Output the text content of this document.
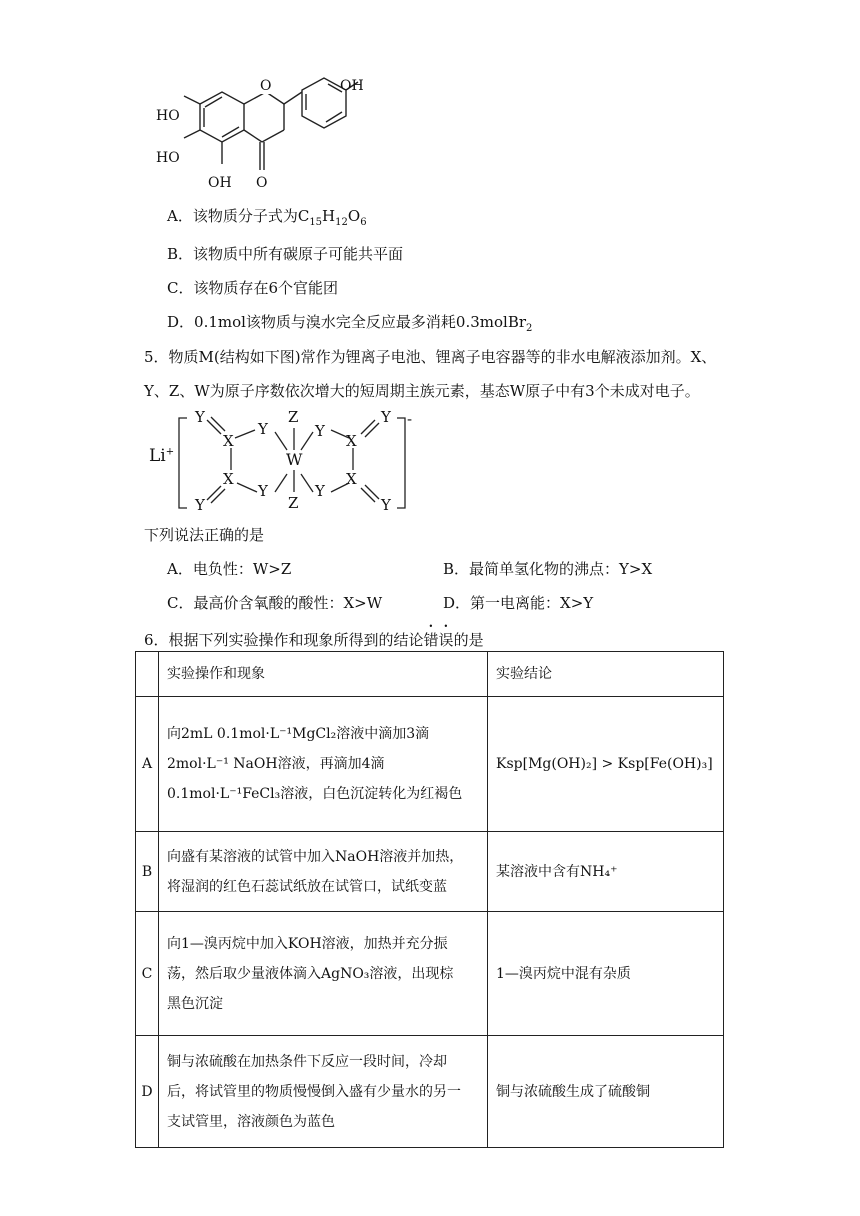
OH
HO
HO
OH
O
O
A．该物质分子式为$C_{15}H_{12}O_6$
B．该物质中所有碳原子可能共平面
C．该物质存在6个官能团
D．0.1mol该物质与溴水完全反应最多消耗0.3molBr$_2$
5．物质M(结构如下图)常作为锂离子电池、锂离子电容器等的非水电解液添加剂。X、
Y、Z、W为原子序数依次增大的短周期主族元素，基态W原子中有3个未成对电子。
Li+
Y
X
Y
Z
Y
X
Y -
W
X
Y
Z
Y
X
Y	Y
下列说法正确的是
A．电负性：W>Z	B．最简单氢化物的沸点：Y>X
C．最高价含氧酸的酸性：X>W	D．第一电离能：X>Y
6．根据下列实验操作和现象所得到的结论错误的是
	实验操作和现象	实验结论
A	向2mL 0.1mol·L⁻¹MgCl₂溶液中滴加3滴
2mol·L⁻¹ NaOH溶液，再滴加4滴
0.1mol·L⁻¹FeCl₃溶液，白色沉淀转化为红褐色	Ksp[Mg(OH)₂] > Ksp[Fe(OH)₃]
B	向盛有某溶液的试管中加入NaOH溶液并加热，
将湿润的红色石蕊试纸放在试管口，试纸变蓝	某溶液中含有NH₄⁺
C	向1—溴丙烷中加入KOH溶液，加热并充分振
荡，然后取少量液体滴入AgNO₃溶液，出现棕
黑色沉淀	1—溴丙烷中混有杂质
D	铜与浓硫酸在加热条件下反应一段时间，冷却
后，将试管里的物质慢慢倒入盛有少量水的另一
支试管里，溶液颜色为蓝色	铜与浓硫酸生成了硫酸铜
